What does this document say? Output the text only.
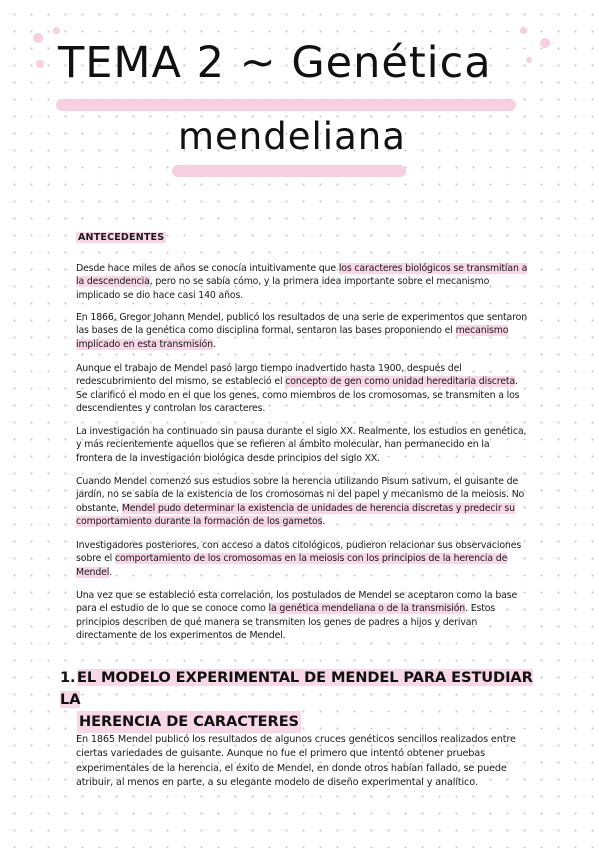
TEMA 2 ~ Genética
mendeliana
ANTECEDENTES

Desde hace miles de años se conocía intuitivamente que los caracteres biológicos se transmitían a la descendencia, pero no se sabía cómo, y la primera idea importante sobre el mecanismo implicado se dio hace casi 140 años.

En 1866, Gregor Johann Mendel, publicó los resultados de una serie de experimentos que sentaron las bases de la genética como disciplina formal, sentaron las bases proponiendo el mecanismo implicado en esta transmisión.

Aunque el trabajo de Mendel pasó largo tiempo inadvertido hasta 1900, después del redescubrimiento del mismo, se estableció el concepto de gen como unidad hereditaria discreta. Se clarificó el modo en el que los genes, como miembros de los cromosomas, se transmiten a los descendientes y controlan los caracteres.

La investigación ha continuado sin pausa durante el siglo XX. Realmente, los estudios en genética, y más recientemente aquellos que se refieren al ámbito molecular, han permanecido en la frontera de la investigación biológica desde principios del siglo XX.

Cuando Mendel comenzó sus estudios sobre la herencia utilizando Pisum sativum, el guisante de jardín, no se sabía de la existencia de los cromosomas ni del papel y mecanismo de la meiosis. No obstante, Mendel pudo determinar la existencia de unidades de herencia discretas y predecir su comportamiento durante la formación de los gametos.

Investigadores posteriores, con acceso a datos citológicos, pudieron relacionar sus observaciones sobre el comportamiento de los cromosomas en la meiosis con los principios de la herencia de Mendel.

Una vez que se estableció esta correlación, los postulados de Mendel se aceptaron como la base para el estudio de lo que se conoce como la genética mendeliana o de la transmisión. Estos principios describen de qué manera se transmiten los genes de padres a hijos y derivan directamente de los experimentos de Mendel.

1. EL MODELO EXPERIMENTAL DE MENDEL PARA ESTUDIAR LA
HERENCIA DE CARACTERES

En 1865 Mendel publicó los resultados de algunos cruces genéticos sencillos realizados entre ciertas variedades de guisante. Aunque no fue el primero que intentó obtener pruebas experimentales de la herencia, el éxito de Mendel, en donde otros habían fallado, se puede atribuir, al menos en parte, a su elegante modelo de diseño experimental y analítico.
